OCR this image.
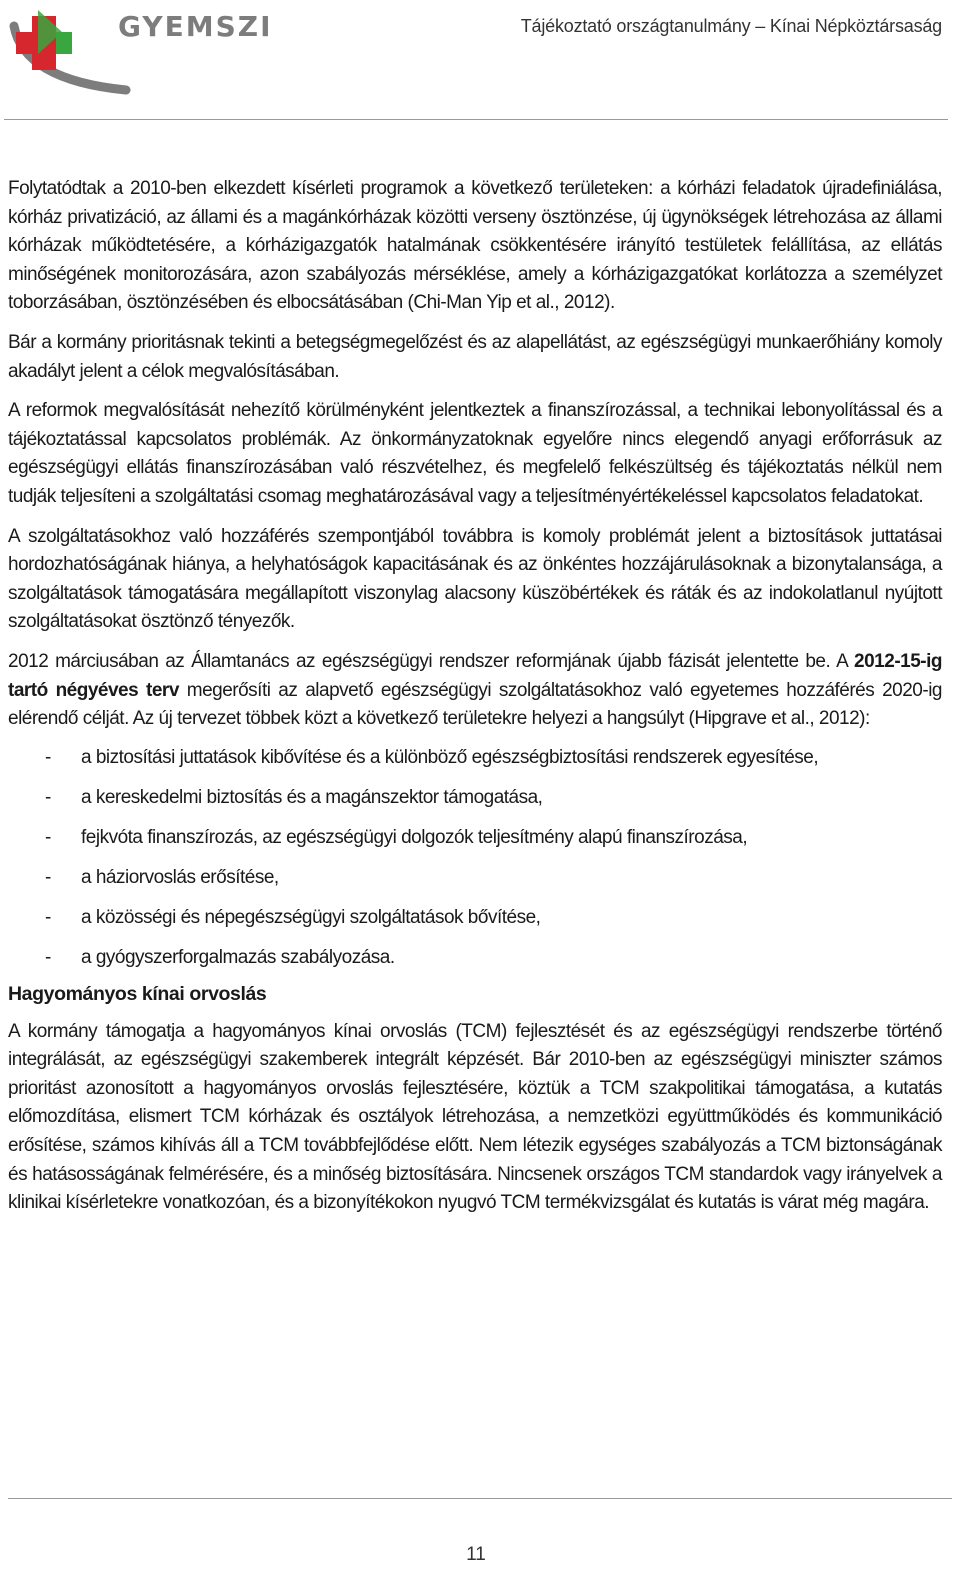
GYEMSZI	Tájékoztató országtanulmány – Kínai Népköztársaság

Folytatódtak a 2010-ben elkezdett kísérleti programok a következő területeken: a kórházi feladatok újradefiniálása, kórház privatizáció, az állami és a magánkórházak közötti verseny ösztönzése, új ügynökségek létrehozása az állami kórházak működtetésére, a kórházigazgatók hatalmának csökkentésére irányító testületek felállítása, az ellátás minőségének monitorozására, azon szabályozás mérséklése, amely a kórházigazgatókat korlátozza a személyzet toborzásában, ösztönzésében és elbocsátásában (Chi-Man Yip et al., 2012).

Bár a kormány prioritásnak tekinti a betegségmegelőzést és az alapellátást, az egészségügyi munkaerőhiány komoly akadályt jelent a célok megvalósításában.

A reformok megvalósítását nehezítő körülményként jelentkeztek a finanszírozással, a technikai lebonyolítással és a tájékoztatással kapcsolatos problémák. Az önkormányzatoknak egyelőre nincs elegendő anyagi erőforrásuk az egészségügyi ellátás finanszírozásában való részvételhez, és megfelelő felkészültség és tájékoztatás nélkül nem tudják teljesíteni a szolgáltatási csomag meghatározásával vagy a teljesítményértékeléssel kapcsolatos feladatokat.

A szolgáltatásokhoz való hozzáférés szempontjából továbbra is komoly problémát jelent a biztosítások juttatásai hordozhatóságának hiánya, a helyhatóságok kapacitásának és az önkéntes hozzájárulásoknak a bizonytalansága, a szolgáltatások támogatására megállapított viszonylag alacsony küszöbértékek és ráták és az indokolatlanul nyújtott szolgáltatásokat ösztönző tényezők.

2012 márciusában az Államtanács az egészségügyi rendszer reformjának újabb fázisát jelentette be. A 2012-15-ig tartó négyéves terv megerősíti az alapvető egészségügyi szolgáltatásokhoz való egyetemes hozzáférés 2020-ig elérendő célját. Az új tervezet többek közt a következő területekre helyezi a hangsúlyt (Hipgrave et al., 2012):

- a biztosítási juttatások kibővítése és a különböző egészségbiztosítási rendszerek egyesítése,
- a kereskedelmi biztosítás és a magánszektor támogatása,
- fejkvóta finanszírozás, az egészségügyi dolgozók teljesítmény alapú finanszírozása,
- a háziorvoslás erősítése,
- a közösségi és népegészségügyi szolgáltatások bővítése,
- a gyógyszerforgalmazás szabályozása.
Hagyományos kínai orvoslás

A kormány támogatja a hagyományos kínai orvoslás (TCM) fejlesztését és az egészségügyi rendszerbe történő integrálását, az egészségügyi szakemberek integrált képzését. Bár 2010-ben az egészségügyi miniszter számos prioritást azonosított a hagyományos orvoslás fejlesztésére, köztük a TCM szakpolitikai támogatása, a kutatás előmozdítása, elismert TCM kórházak és osztályok létrehozása, a nemzetközi együttműködés és kommunikáció erősítése, számos kihívás áll a TCM továbbfejlődése előtt. Nem létezik egységes szabályozás a TCM biztonságának és hatásosságának felmérésére, és a minőség biztosítására. Nincsenek országos TCM standardok vagy irányelvek a klinikai kísérletekre vonatkozóan, és a bizonyítékokon nyugvó TCM termékvizsgálat és kutatás is várat még magára.

11
